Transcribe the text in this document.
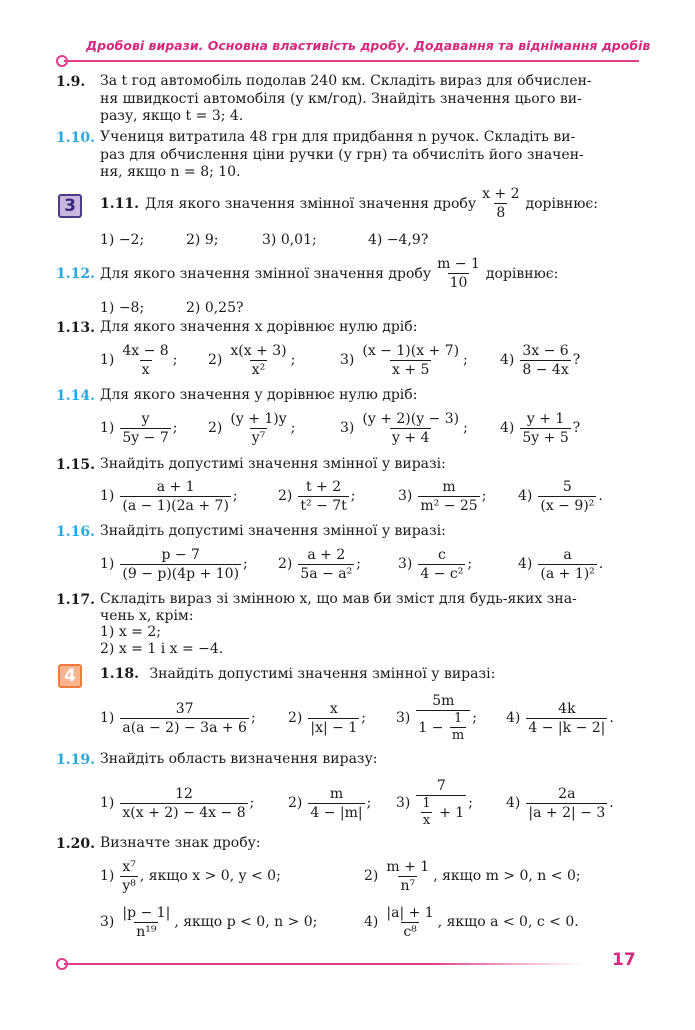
Дробові вирази. Основна властивість дробу. Додавання та віднімання дробів
1.9. За t год автомобіль подолав 240 км. Складіть вираз для обчислен-
ня швидкості автомобіля (у км/год). Знайдіть значення цього ви-
разу, якщо t = 3; 4.
1.10. Учениця витратила 48 грн для придбання n ручок. Складіть ви-
раз для обчислення ціни ручки (у грн) та обчисліть його значен-
ня, якщо n = 8; 10.
3	1.11. Для якого значення змінної значення дробу $\frac{x + 2}{8}$ дорівнює:
1) −2;	2) 9;	3) 0,01;	4) −4,9?
1.12. Для якого значення змінної значення дробу $\frac{m - 1}{10}$ дорівнює:
1) −8;	2) 0,25?
1.13. Для якого значення x дорівнює нулю дріб:
$1) \frac{4x - 8}{x}$ ; $2) \frac{x(x + 3)}{\text{x²}}$ ;	$3) \frac{(x - 1)(x + 7)}{x + 5}$ ; $4) \frac{3x - 6}{8 - 4x}$ ?
1.14. Для якого значення y дорівнює нулю дріб:
$1) \frac{y}{5y - 7}$ ; $2) \frac{(y + 1)y}{\text{y⁷}}$ ;	$3) \frac{(y + 2)(y - 3)}{y + 4}$ ; $4) \frac{y + 1}{5y + 5}$ ?
1.15. Знайдіть допустимі значення змінної у виразі:
$1) \frac{a + 1}{(a - 1)(2a + 7)}$ ;	$2) \frac{t + 2}{\text{t² − 7t}}$ ;	$3) \frac{m}{\text{m² − 25}}$ ; $4) \frac{5}{\text{(x − 9)²}}$ .
1.16. Знайдіть допустимі значення змінної у виразі:
$1) \frac{p - 7}{(9 - p)(4p + 10)}$ ; $2) \frac{a + 2}{\text{5a − a²}}$ ;	$3) \frac{c}{\text{4 − c²}}$ ;	$4) \frac{a}{\text{(a + 1)²}}$ .
1.17. Складіть вираз зі змінною x, що мав би зміст для будь-яких зна-
чень x, крім:
1) x = 2;
2) x = 1 і x = −4.
4	1.18. Знайдіть допустимі значення змінної у виразі:
$1) \frac{37}{a(a - 2) - 3a + 6}$ ; $2) \frac{x}{|x| - 1}$ ; $3) \frac{5m}{1 - \frac{1}{m}}$ ; $4) \frac{4k}{4 - |k - 2|}$ .
1.19. Знайдіть область визначення виразу:
$1) \frac{12}{x(x + 2) - 4x - 8}$ ; $2) \frac{m}{4 - |m|}$ ; $3) \frac{7}{\frac{1}{x} + 1}$ ; $4) \frac{2a}{|a + 2| - 3}$ .
1.20. Визначте знак дробу:
$1) \frac{\text{x⁷}}{\text{y⁸}}$ , якщо x > 0, y < 0;	$2) \frac{m + 1}{\text{n⁷}}$ , якщо m > 0, n < 0;
$3) \frac{|p - 1|}{\text{n¹⁹}}$ , якщо p < 0, n > 0;	$4) \frac{|a| + 1}{\text{c⁸}}$ , якщо a < 0, c < 0.
17
